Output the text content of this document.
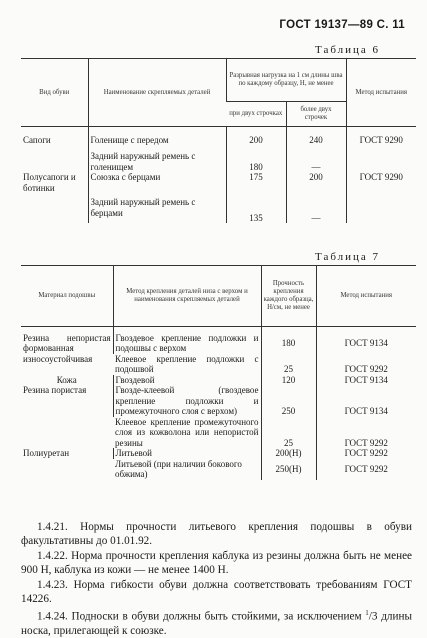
ГОСТ 19137—89 С. 11
Таблица 6
Вид обуви	Наименование скрепляемых деталей	Разрывная нагрузка на 1 см длины шва по каждому образцу, Н, не менее		Метод испытания
		при двух строчках	более двух строчек	

Сапоги	Голенище с передом	200	240	ГОСТ 9290
	Задний наружный ремень с голенищем	180	—	
Полусапоги и ботинки	Союзка с берцами	175	200	ГОСТ 9290
	Задний наружный ремень с берцами	135	—	
Таблица 7
Материал подошвы	Метод крепления деталей низа с верхом и наименования скрепляемых деталей	Прочность крепления каждого образца, Н/см, не менее	Метод испытания

Резина непористая формованная износоустойчивая	Гвоздевое крепление подложки и подошвы с верхом	180	ГОСТ 9134
	Клеевое крепление подложки с подошвой	25	ГОСТ 9292
Кожа	Гвоздевой	120	ГОСТ 9134
Резина пористая	Гвоздe-клеевой (гвоздевое крепление подложки и промежуточного слоя с верхом)	250	ГОСТ 9134
	Клеевое крепление промежуточного слоя из кожволона или непористой резины	25	ГОСТ 9292
Полиуретан	Литьевой	200(Н)	ГОСТ 9292
	Литьевой (при наличии бокового обжима)	250(Н)	ГОСТ 9292
1.4.21. Нормы прочности литьевого крепления подошвы в обуви факультативны до 01.01.92.
1.4.22. Норма прочности крепления каблука из резины должна быть не менее 900 Н, каблука из кожи — не менее 1400 Н.
1.4.23. Норма гибкости обуви должна соответствовать требованиям ГОСТ 14226.
1.4.24. Подноски в обуви должны быть стойкими, за исключением $^1$/3 длины носка, прилегающей к союзке.
